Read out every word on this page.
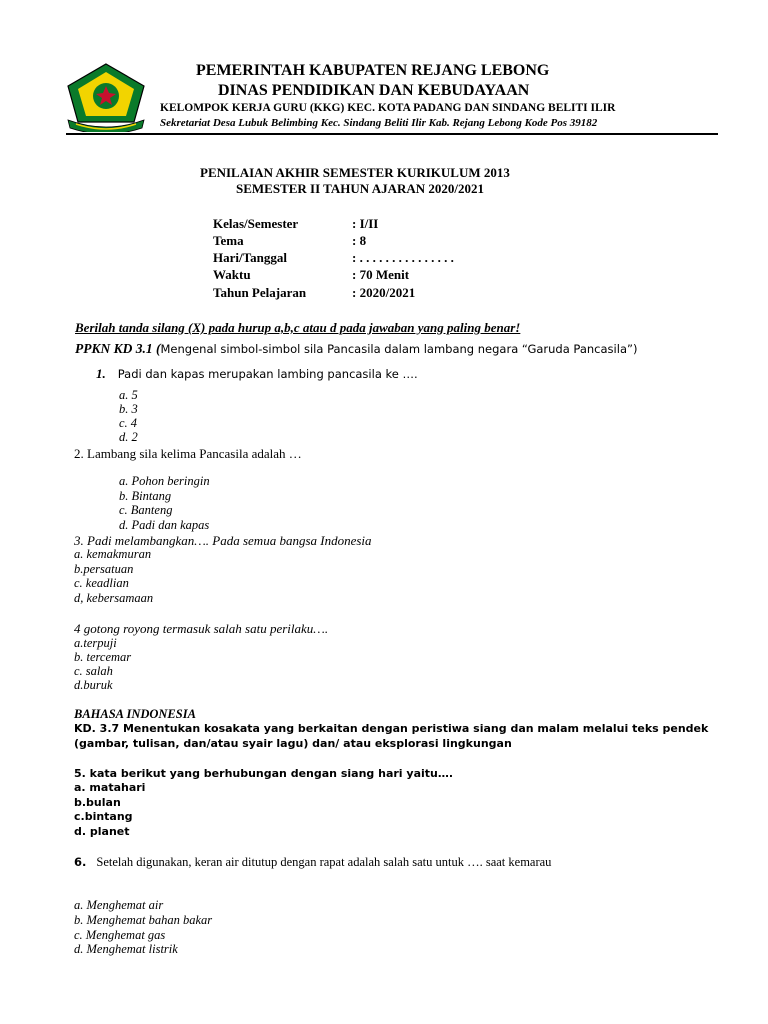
PEMERINTAH KABUPATEN REJANG LEBONG
DINAS PENDIDIKAN DAN KEBUDAYAAN
KELOMPOK KERJA GURU (KKG) KEC. KOTA PADANG DAN SINDANG BELITI ILIR
Sekretariat Desa Lubuk Belimbing Kec. Sindang Beliti Ilir Kab. Rejang Lebong Kode Pos 39182
PENILAIAN AKHIR SEMESTER KURIKULUM 2013
SEMESTER II TAHUN AJARAN 2020/2021
Kelas/Semester	: I/II
Tema	: 8
Hari/Tanggal	: . . . . . . . . . . . . . . .
Waktu	: 70 Menit
Tahun Pelajaran	: 2020/2021
Berilah tanda silang (X) pada hurup a,b,c atau d pada jawaban yang paling benar!
PPKN KD 3.1 (Mengenal simbol-simbol sila Pancasila dalam lambang negara “Garuda Pancasila”)
1. Padi dan kapas merupakan lambing pancasila ke ….
a. 5
b. 3
c. 4
d. 2
2. Lambang sila kelima Pancasila adalah …
a. Pohon beringin
b. Bintang
c. Banteng
d. Padi dan kapas
3. Padi melambangkan…. Pada semua bangsa Indonesia
a. kemakmuran
b.persatuan
c. keadlian
d, kebersamaan
4 gotong royong termasuk salah satu perilaku….
a.terpuji
b. tercemar
c. salah
d.buruk
BAHASA INDONESIA
KD. 3.7 Menentukan kosakata yang berkaitan dengan peristiwa siang dan malam melalui teks pendek
(gambar, tulisan, dan/atau syair lagu) dan/ atau eksplorasi lingkungan
5. kata berikut yang berhubungan dengan siang hari yaitu….
a. matahari
b.bulan
c.bintang
d. planet
6. Setelah digunakan, keran air ditutup dengan rapat adalah salah satu untuk …. saat kemarau
a. Menghemat air
b. Menghemat bahan bakar
c. Menghemat gas
d. Menghemat listrik
